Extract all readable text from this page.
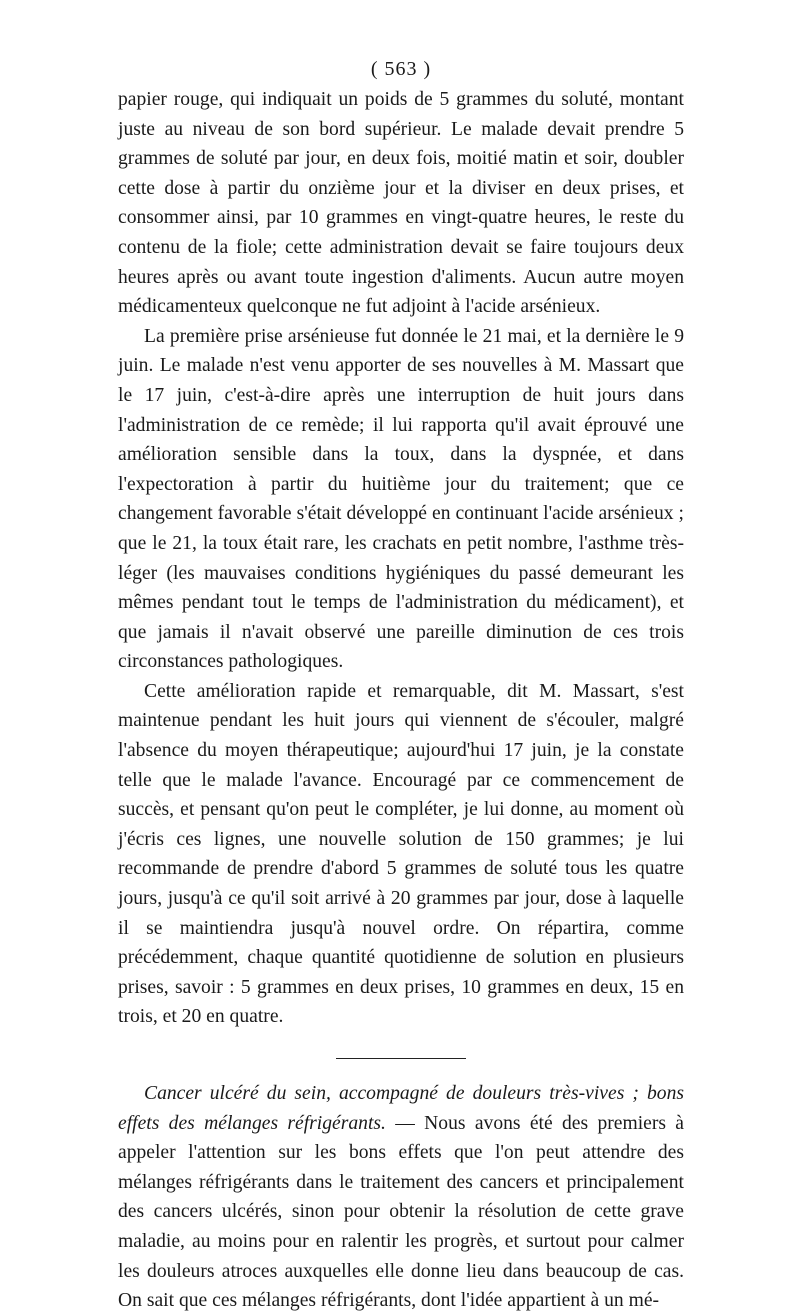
( 563 )

papier rouge, qui indiquait un poids de 5 grammes du soluté, montant juste au niveau de son bord supérieur. Le malade devait prendre 5 grammes de soluté par jour, en deux fois, moitié matin et soir, doubler cette dose à partir du onzième jour et la diviser en deux prises, et consommer ainsi, par 10 grammes en vingt-quatre heures, le reste du contenu de la fiole; cette administration devait se faire toujours deux heures après ou avant toute ingestion d'aliments. Aucun autre moyen médicamenteux quelconque ne fut adjoint à l'acide arsénieux.

La première prise arsénieuse fut donnée le 21 mai, et la dernière le 9 juin. Le malade n'est venu apporter de ses nouvelles à M. Massart que le 17 juin, c'est-à-dire après une interruption de huit jours dans l'administration de ce remède; il lui rapporta qu'il avait éprouvé une amélioration sensible dans la toux, dans la dyspnée, et dans l'expectoration à partir du huitième jour du traitement; que ce changement favorable s'était développé en continuant l'acide arsénieux ; que le 21, la toux était rare, les crachats en petit nombre, l'asthme très-léger (les mauvaises conditions hygiéniques du passé demeurant les mêmes pendant tout le temps de l'administration du médicament), et que jamais il n'avait observé une pareille diminution de ces trois circonstances pathologiques.

Cette amélioration rapide et remarquable, dit M. Massart, s'est maintenue pendant les huit jours qui viennent de s'écouler, malgré l'absence du moyen thérapeutique; aujourd'hui 17 juin, je la constate telle que le malade l'avance. Encouragé par ce commencement de succès, et pensant qu'on peut le compléter, je lui donne, au moment où j'écris ces lignes, une nouvelle solution de 150 grammes; je lui recommande de prendre d'abord 5 grammes de soluté tous les quatre jours, jusqu'à ce qu'il soit arrivé à 20 grammes par jour, dose à laquelle il se maintiendra jusqu'à nouvel ordre. On répartira, comme précédemment, chaque quantité quotidienne de solution en plusieurs prises, savoir : 5 grammes en deux prises, 10 grammes en deux, 15 en trois, et 20 en quatre.

Cancer ulcéré du sein, accompagné de douleurs très-vives ; bons effets des mélanges réfrigérants. — Nous avons été des premiers à appeler l'attention sur les bons effets que l'on peut attendre des mélanges réfrigérants dans le traitement des cancers et principalement des cancers ulcérés, sinon pour obtenir la résolution de cette grave maladie, au moins pour en ralentir les progrès, et surtout pour calmer les douleurs atroces auxquelles elle donne lieu dans beaucoup de cas. On sait que ces mélanges réfrigérants, dont l'idée appartient à un mé-
